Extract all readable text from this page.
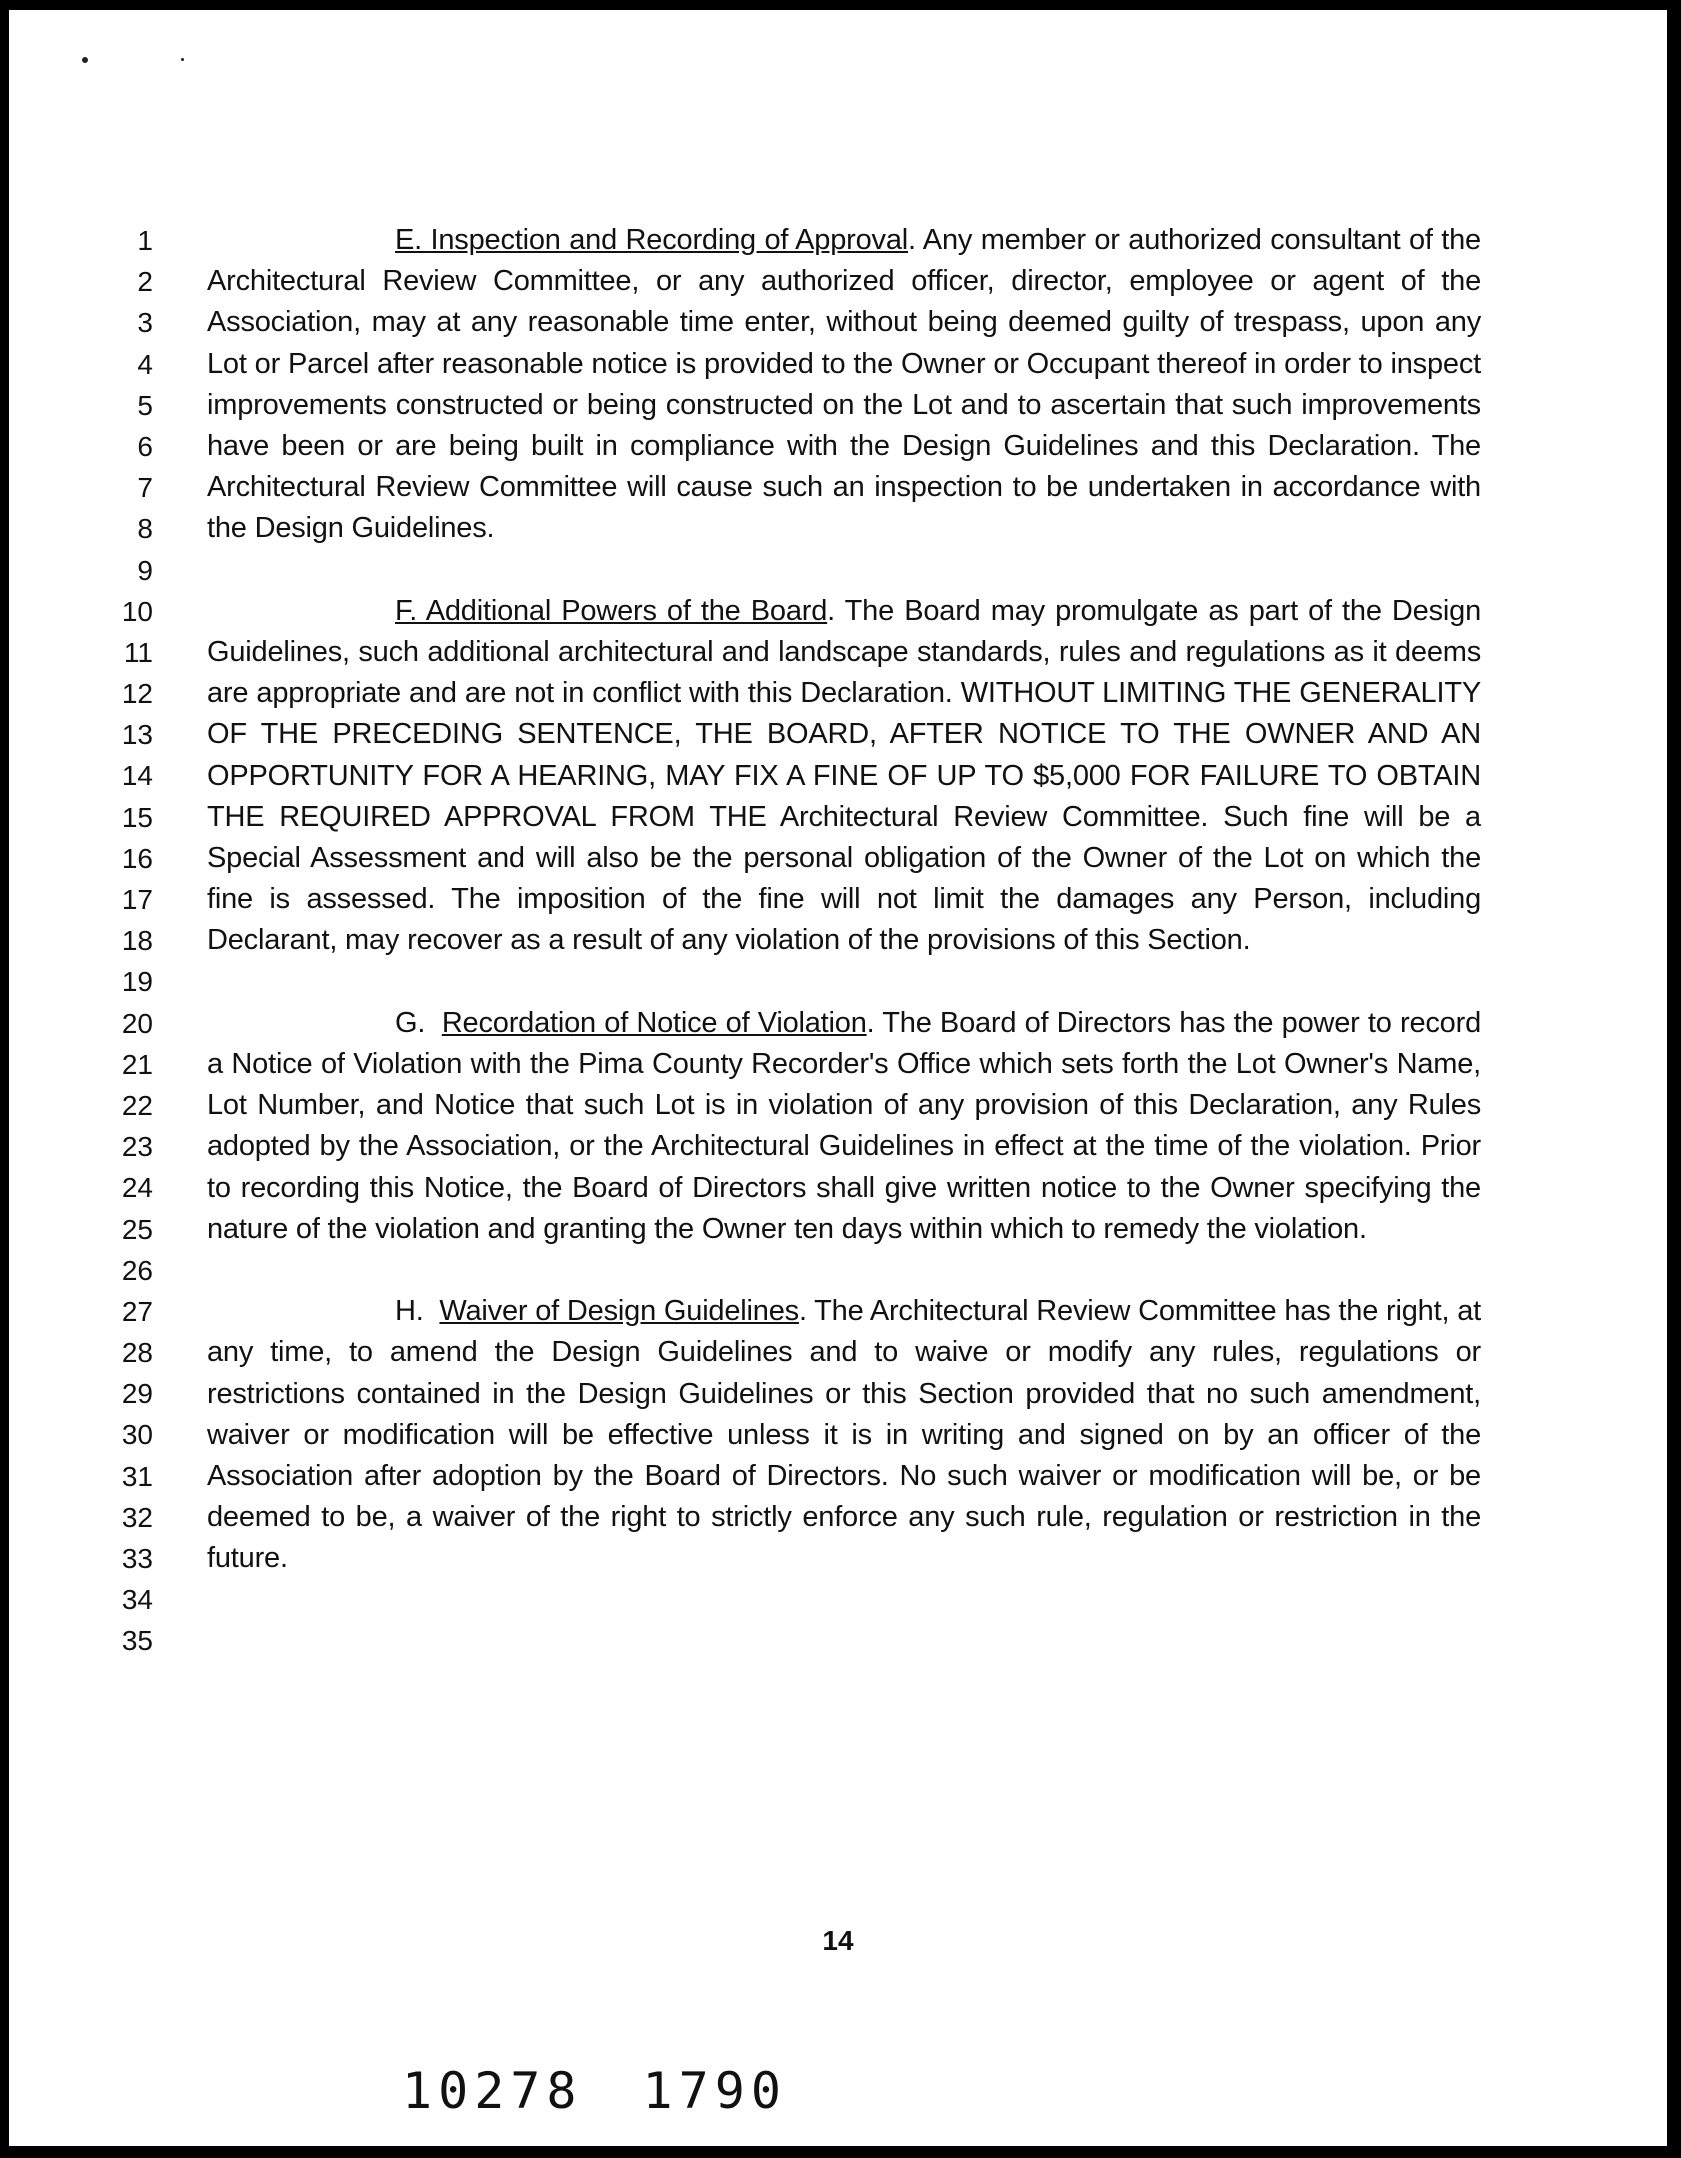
1
2
3
4
5
6
7
8
9
10
11
12
13
14
15
16
17
18
19
20
21
22
23
24
25
26
27
28
29
30
31
32
33
34
35

E. Inspection and Recording of Approval. Any member or authorized consultant of the Architectural Review Committee, or any authorized officer, director, employee or agent of the Association, may at any reasonable time enter, without being deemed guilty of trespass, upon any Lot or Parcel after reasonable notice is provided to the Owner or Occupant thereof in order to inspect improvements constructed or being constructed on the Lot and to ascertain that such improvements have been or are being built in compliance with the Design Guidelines and this Declaration. The Architectural Review Committee will cause such an inspection to be undertaken in accordance with the Design Guidelines.

F. Additional Powers of the Board. The Board may promulgate as part of the Design Guidelines, such additional architectural and landscape standards, rules and regulations as it deems are appropriate and are not in conflict with this Declaration. WITHOUT LIMITING THE GENERALITY OF THE PRECEDING SENTENCE, THE BOARD, AFTER NOTICE TO THE OWNER AND AN OPPORTUNITY FOR A HEARING, MAY FIX A FINE OF UP TO $5,000 FOR FAILURE TO OBTAIN THE REQUIRED APPROVAL FROM THE Architectural Review Committee. Such fine will be a Special Assessment and will also be the personal obligation of the Owner of the Lot on which the fine is assessed. The imposition of the fine will not limit the damages any Person, including Declarant, may recover as a result of any violation of the provisions of this Section.

G.  Recordation of Notice of Violation. The Board of Directors has the power to record a Notice of Violation with the Pima County Recorder's Office which sets forth the Lot Owner's Name, Lot Number, and Notice that such Lot is in violation of any provision of this Declaration, any Rules adopted by the Association, or the Architectural Guidelines in effect at the time of the violation. Prior to recording this Notice, the Board of Directors shall give written notice to the Owner specifying the nature of the violation and granting the Owner ten days within which to remedy the violation.

H.  Waiver of Design Guidelines. The Architectural Review Committee has the right, at any time, to amend the Design Guidelines and to waive or modify any rules, regulations or restrictions contained in the Design Guidelines or this Section provided that no such amendment, waiver or modification will be effective unless it is in writing and signed on by an officer of the Association after adoption by the Board of Directors. No such waiver or modification will be, or be deemed to be, a waiver of the right to strictly enforce any such rule, regulation or restriction in the future.

14
10278 1790
